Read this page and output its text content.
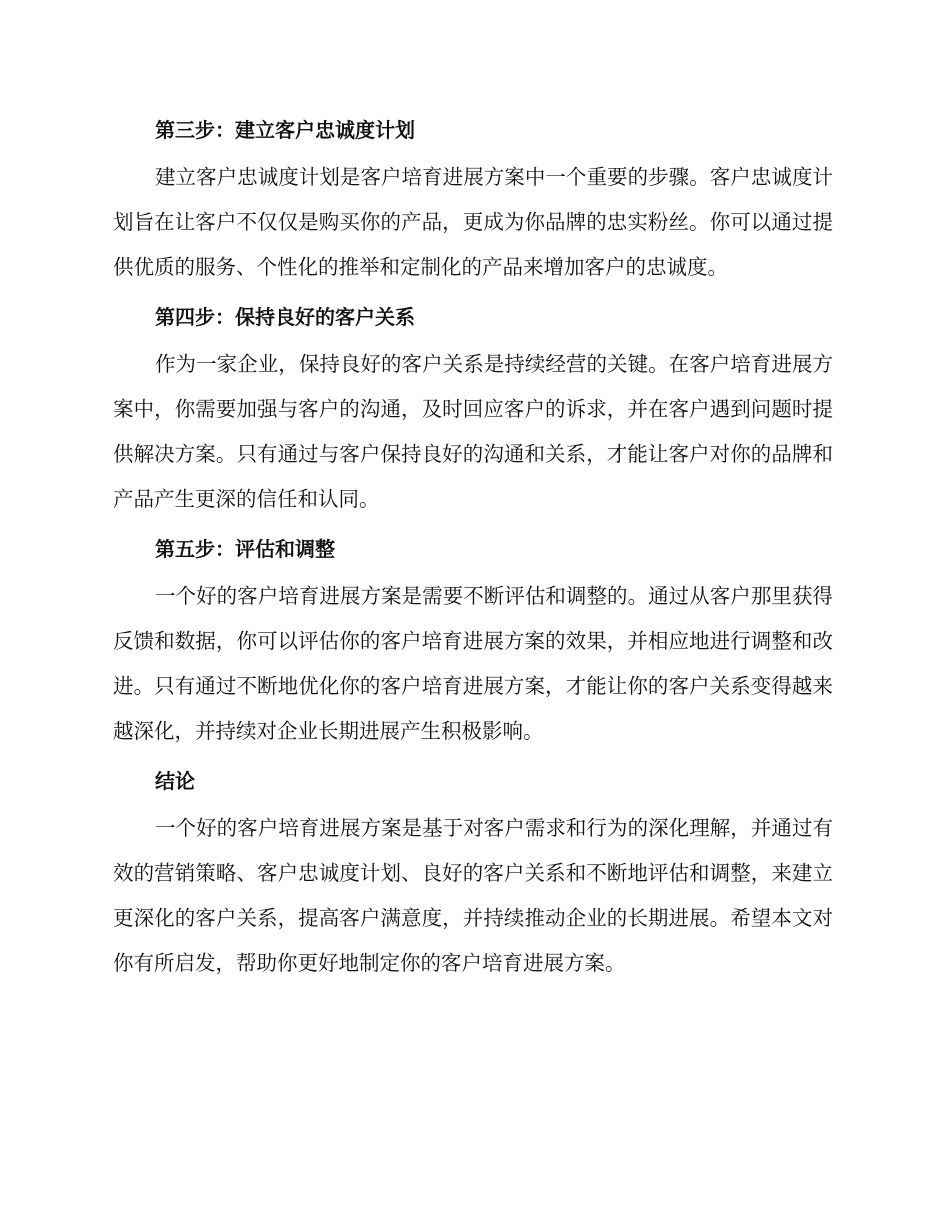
第三步：建立客户忠诚度计划

建立客户忠诚度计划是客户培育进展方案中一个重要的步骤。客户忠诚度计划旨在让客户不仅仅是购买你的产品，更成为你品牌的忠实粉丝。你可以通过提供优质的服务、个性化的推举和定制化的产品来增加客户的忠诚度。

第四步：保持良好的客户关系

作为一家企业，保持良好的客户关系是持续经营的关键。在客户培育进展方案中，你需要加强与客户的沟通，及时回应客户的诉求，并在客户遇到问题时提供解决方案。只有通过与客户保持良好的沟通和关系，才能让客户对你的品牌和产品产生更深的信任和认同。

第五步：评估和调整

一个好的客户培育进展方案是需要不断评估和调整的。通过从客户那里获得反馈和数据，你可以评估你的客户培育进展方案的效果，并相应地进行调整和改进。只有通过不断地优化你的客户培育进展方案，才能让你的客户关系变得越来越深化，并持续对企业长期进展产生积极影响。

结论

一个好的客户培育进展方案是基于对客户需求和行为的深化理解，并通过有效的营销策略、客户忠诚度计划、良好的客户关系和不断地评估和调整，来建立更深化的客户关系，提高客户满意度，并持续推动企业的长期进展。希望本文对你有所启发，帮助你更好地制定你的客户培育进展方案。
